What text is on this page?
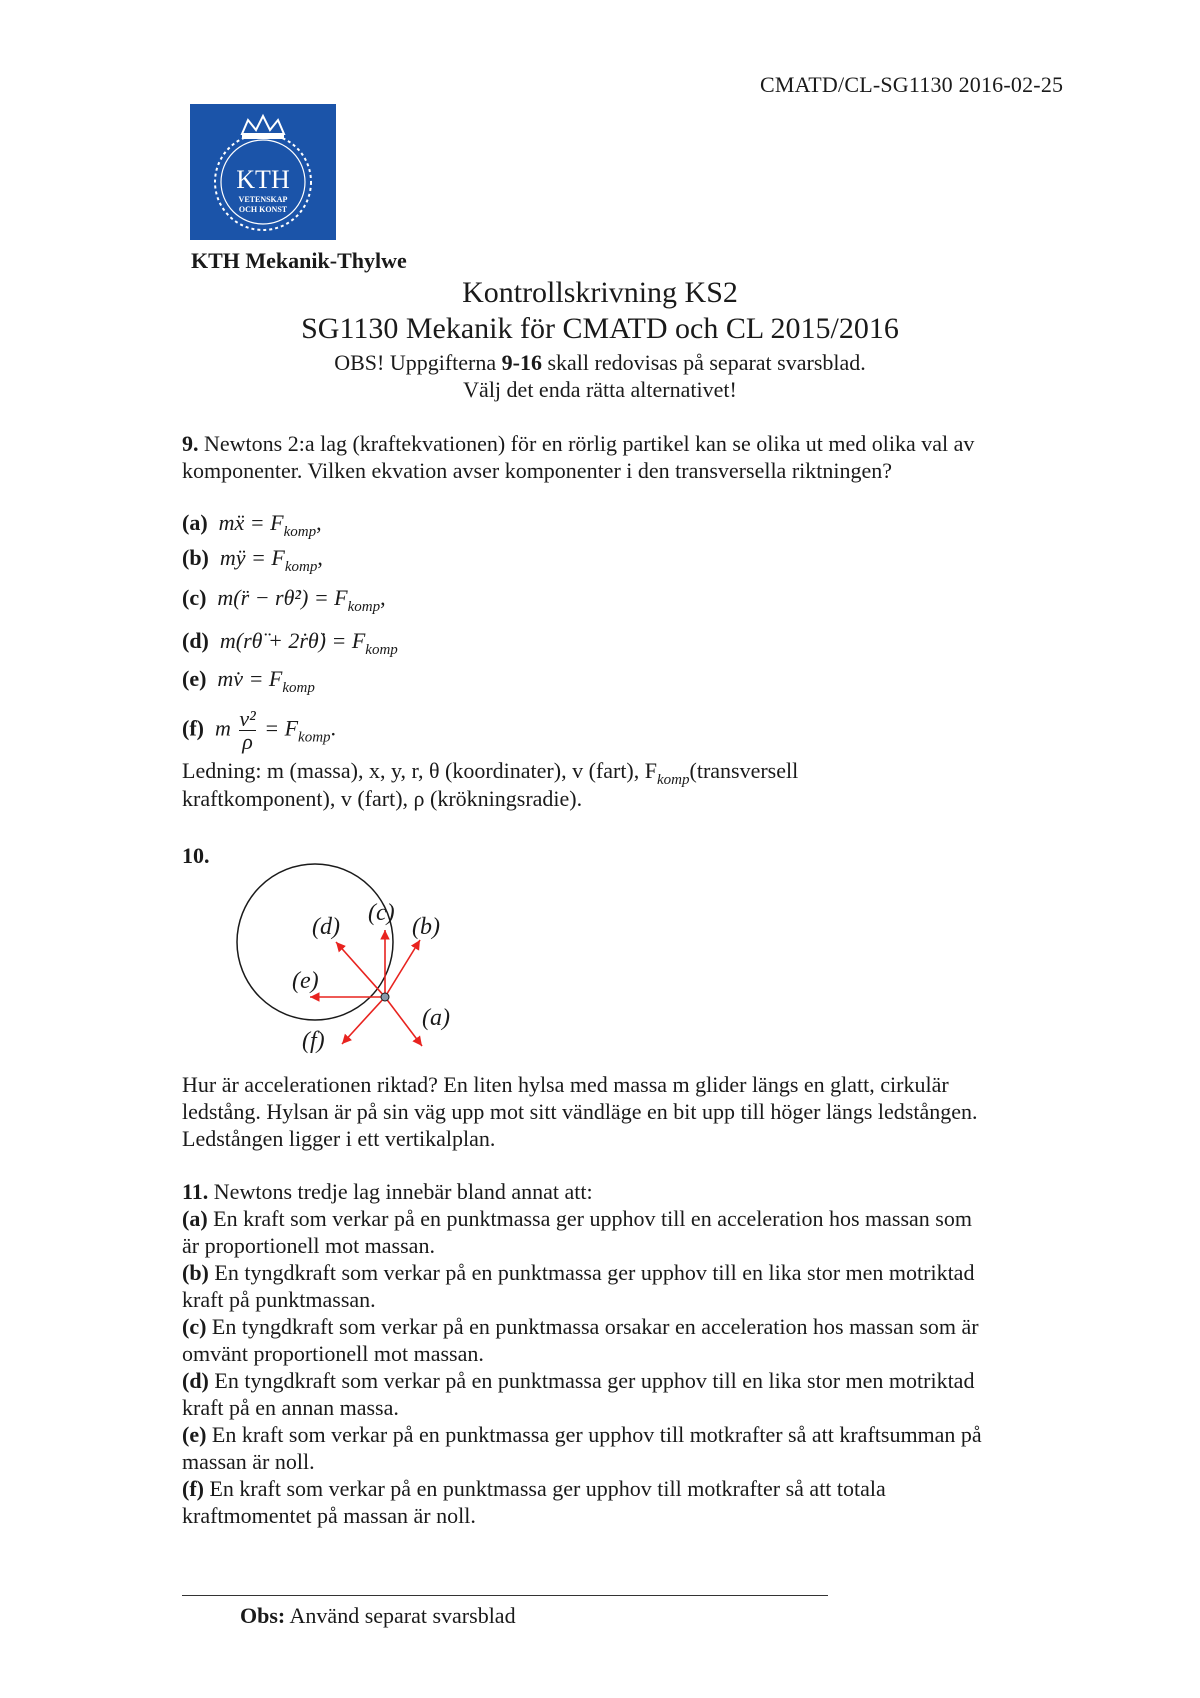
CMATD/CL-SG1130 2016-02-25
KTH
VETENSKAP
OCH KONST
KTH Mekanik-Thylwe
Kontrollskrivning KS2
SG1130 Mekanik för CMATD och CL 2015/2016
OBS! Uppgifterna 9-16 skall redovisas på separat svarsblad.
Välj det enda rätta alternativet!
9. Newtons 2:a lag (kraftekvationen) för en rörlig partikel kan se olika ut med olika val av komponenter. Vilken ekvation avser komponenter i den transversella riktningen?
(a) mẍ = $F_{komp}$,
(b) mÿ = $F_{komp}$,
(c) m(r̈ − rθ̇²) = $F_{komp}$,
(d) m(rθ̈ + 2ṙθ̇) = $F_{komp}$
(e) mv̇ = $F_{komp}$
(f) m $\frac{\text{v²}}{\rho} = F_{komp}$.
Ledning: m (massa), x, y, r, θ (koordinater), v (fart), $F_{komp}(transversell$
kraftkomponent), v (fart), ρ (krökningsradie).
10.
(a)
(b)
(c)
(d)
(e)
(f)
Hur är accelerationen riktad? En liten hylsa med massa m glider längs en glatt, cirkulär ledstång. Hylsan är på sin väg upp mot sitt vändläge en bit upp till höger längs ledstången. Ledstången ligger i ett vertikalplan.
11. Newtons tredje lag innebär bland annat att:
(a) En kraft som verkar på en punktmassa ger upphov till en acceleration hos massan som är proportionell mot massan.
(b) En tyngdkraft som verkar på en punktmassa ger upphov till en lika stor men motriktad kraft på punktmassan.
(c) En tyngdkraft som verkar på en punktmassa orsakar en acceleration hos massan som är omvänt proportionell mot massan.
(d) En tyngdkraft som verkar på en punktmassa ger upphov till en lika stor men motriktad kraft på en annan massa.
(e) En kraft som verkar på en punktmassa ger upphov till motkrafter så att kraftsumman på massan är noll.
(f) En kraft som verkar på en punktmassa ger upphov till motkrafter så att totala kraftmomentet på massan är noll.
Obs: Använd separat svarsblad
